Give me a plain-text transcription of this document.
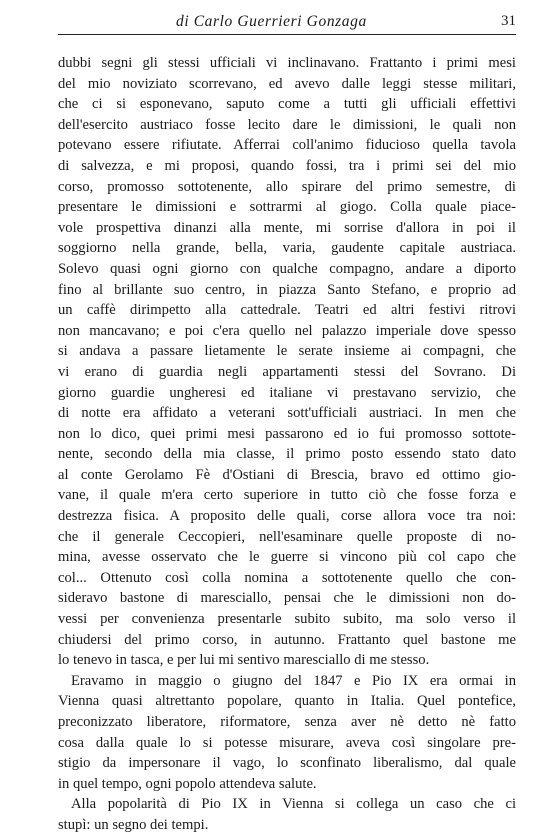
di Carlo Guerrieri Gonzaga	31
dubbi segni gli stessi ufficiali vi inclinavano. Frattanto i primi mesi
del mio noviziato scorrevano, ed avevo dalle leggi stesse militari,
che ci si esponevano, saputo come a tutti gli ufficiali effettivi
dell'esercito austriaco fosse lecito dare le dimissioni, le quali non
potevano essere rifiutate. Afferrai coll'animo fiducioso quella tavola
di salvezza, e mi proposi, quando fossi, tra i primi sei del mio
corso, promosso sottotenente, allo spirare del primo semestre, di
presentare le dimissioni e sottrarmi al giogo. Colla quale piace-
vole prospettiva dinanzi alla mente, mi sorrise d'allora in poi il
soggiorno nella grande, bella, varia, gaudente capitale austriaca.
Solevo quasi ogni giorno con qualche compagno, andare a diporto
fino al brillante suo centro, in piazza Santo Stefano, e proprio ad
un caffè dirimpetto alla cattedrale. Teatri ed altri festivi ritrovi
non mancavano; e poi c'era quello nel palazzo imperiale dove spesso
si andava a passare lietamente le serate insieme ai compagni, che
vi erano di guardia negli appartamenti stessi del Sovrano. Di
giorno guardie ungheresi ed italiane vi prestavano servizio, che
di notte era affidato a veterani sott'ufficiali austriaci. In men che
non lo dico, quei primi mesi passarono ed io fui promosso sottote-
nente, secondo della mia classe, il primo posto essendo stato dato
al conte Gerolamo Fè d'Ostiani di Brescia, bravo ed ottimo gio-
vane, il quale m'era certo superiore in tutto ciò che fosse forza e
destrezza fisica. A proposito delle quali, corse allora voce tra noi:
che il generale Ceccopieri, nell'esaminare quelle proposte di no-
mina, avesse osservato che le guerre si vincono più col capo che
col... Ottenuto così colla nomina a sottotenente quello che con-
sideravo bastone di maresciallo, pensai che le dimissioni non do-
vessi per convenienza presentarle subito subito, ma solo verso il
chiudersi del primo corso, in autunno. Frattanto quel bastone me
lo tenevo in tasca, e per lui mi sentivo maresciallo di me stesso.
Eravamo in maggio o giugno del 1847 e Pio IX era ormai in
Vienna quasi altrettanto popolare, quanto in Italia. Quel pontefice,
preconizzato liberatore, riformatore, senza aver nè detto nè fatto
cosa dalla quale lo si potesse misurare, aveva così singolare pre-
stigio da impersonare il vago, lo sconfinato liberalismo, dal quale
in quel tempo, ogni popolo attendeva salute.
Alla popolarità di Pio IX in Vienna si collega un caso che ci
stupì: un segno dei tempi.
